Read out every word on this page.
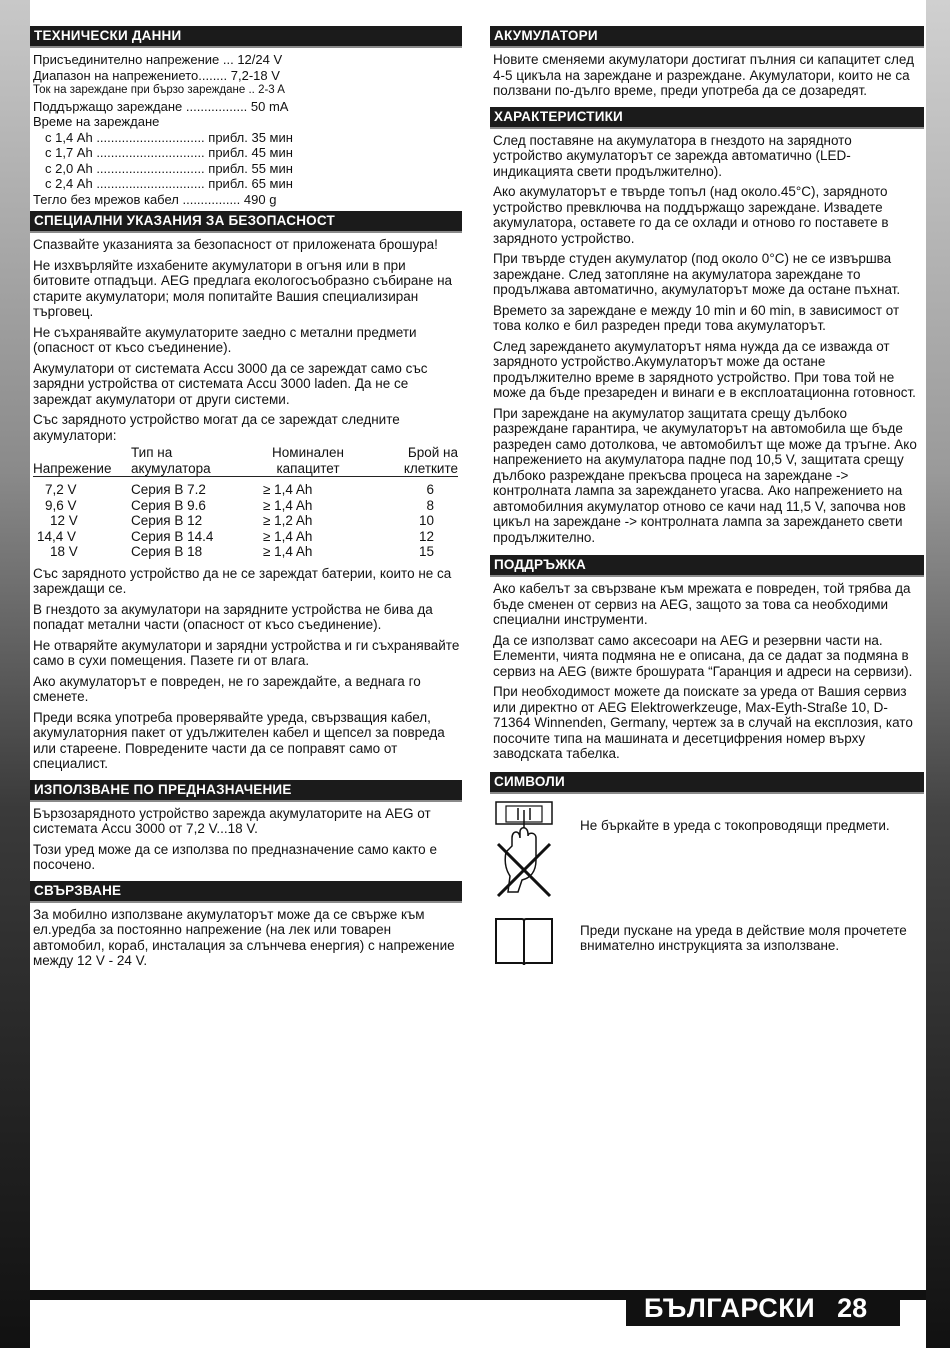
ТЕХНИЧЕСКИ ДАННИ
Присъединително напрежение ... 12/24 V
Диапазон на напрежението ........ 7,2-18 V
Ток на зареждане при бързо зареждане .. 2-3 A
Поддържащо зареждане ................. 50 mA
Време на зареждане
с 1,4 Ah .............................. прибл. 35 мин
с 1,7 Ah .............................. прибл. 45 мин
с 2,0 Ah .............................. прибл. 55 мин
с 2,4 Ah .............................. прибл. 65 мин
Тегло без мрежов кабел ................ 490 g
СПЕЦИАЛНИ УКАЗАНИЯ ЗА БЕЗОПАСНОСТ

Спазвайте указанията за безопасност от приложената брошура!

Не изхвърляйте изхабените акумулатори в огъня или в при битовите отпадъци. AEG предлага екологосъобразно събиране на старите акумулатори; моля попитайте Вашия специализиран търговец.

Не съхранявайте акумулаторите заедно с метални предмети (опасност от късо съединение).

Акумулатори от системата Accu 3000 да се зареждат само със зарядни устройства от системата Accu 3000 laden. Да не се зареждат акумулатори от други системи.

Със зарядното устройство могат да се зареждат следните акумулатори:

Напрежение	Тип на акумулатора	Номинален капацитет	Брой на клетките
7,2 V	Серия B 7.2	≥ 1,4 Ah	6
9,6 V	Серия B 9.6	≥ 1,4 Ah	8
12 V	Серия B 12	≥ 1,2 Ah	10
14,4 V	Серия B 14.4	≥ 1,4 Ah	12
18 V	Серия B 18	≥ 1,4 Ah	15

Със зарядното устройство да не се зареждат батерии, които не са зареждащи се.

В гнездото за акумулатори на зарядните устройства не бива да попадат метални части (опасност от късо съединение).

Не отваряйте акумулатори и зарядни устройства и ги съхранявайте само в сухи помещения. Пазете ги от влага.

Ако акумулаторът е повреден, не го зареждайте, а веднага го сменете.

Преди всяка употреба проверявайте уреда, свързващия кабел, акумулаторния пакет от удължителен кабел и щепсел за повреда или стареене. Повредените части да се поправят само от специалист.

ИЗПОЛЗВАНЕ ПО ПРЕДНАЗНАЧЕНИЕ

Бързозарядното устройство зарежда акумулаторите на AEG от системата Accu 3000 от 7,2 V...18 V.

Този уред може да се използва по предназначение само както е посочено.

СВЪРЗВАНЕ

За мобилно използване акумулаторът може да се свърже към ел.уредба за постоянно напрежение (на лек или товарен автомобил, кораб, инсталация за слънчева енергия) с напрежение между 12 V - 24 V.

АКУМУЛАТОРИ

Новите сменяеми акумулатори достигат пълния си капацитет след 4-5 цикъла на зареждане и разреждане. Акумулатори, които не са ползвани по-дълго време, преди употреба да се дозаредят.

ХАРАКТЕРИСТИКИ

След поставяне на акумулатора в гнездото на зарядното устройство акумулаторът се зарежда автоматично (LED-индикацията свети продължително).

Ако акумулаторът е твърде топъл (над около.45°C), зарядното устройство превключва на поддържащо зареждане. Извадете акумулатора, оставете го да се охлади и отново го поставете в зарядното устройство.

При твърде студен акумулатор (под около 0°C) не се извършва зареждане. След затопляне на акумулатора зареждане то продължава автоматично, акумулаторът може да остане пъхнат.

Времето за зареждане е между 10 min и 60 min, в зависимост от това колко е бил разреден преди това акумулаторът.

След зареждането акумулаторът няма нужда да се изважда от зарядното устройство.Акумулаторът може да остане продължително време в зарядното устройство. При това той не може да бъде презареден и винаги е в експлоатационна готовност.

При зареждане на акумулатор защитата срещу дълбоко разреждане гарантира, че акумулаторът на автомобила ще бъде разреден само дотолкова, че автомобилът ще може да тръгне. Ако напрежението на акумулатора падне под 10,5 V, защитата срещу дълбоко разреждане прекъсва процеса на зареждане -> контролната лампа за зареждането угасва. Ако напрежението на автомобилния акумулатор отново се качи над 11,5 V, започва нов цикъл на зареждане -> контролната лампа за зареждането свети продължително.

ПОДДРЪЖКА

Ако кабелът за свързване към мрежата е повреден, той трябва да бъде сменен от сервиз на AEG, защото за това са необходими специални инструменти.

Да се използват само аксесоари на AEG и резервни части на. Елементи, чията подмяна не е описана, да се дадат за подмяна в сервиз на AEG (вижте брошурата “Гаранция и адреси на сервизи).

При необходимост можете да поискате за уреда от Вашия сервиз или директно от AEG Elektrowerkzeuge, Max-Eyth-Straße 10, D-71364 Winnenden, Germany, чертеж за в случай на експлозия, като посочите типа на машината и десетцифрения номер върху заводската табелка.

СИМВОЛИ
Не бъркайте в уреда с токопроводящи предмети.
Преди пускане на уреда в действие моля прочетете внимателно инструкцията за използване.
БЪЛГАРСКИ 28
